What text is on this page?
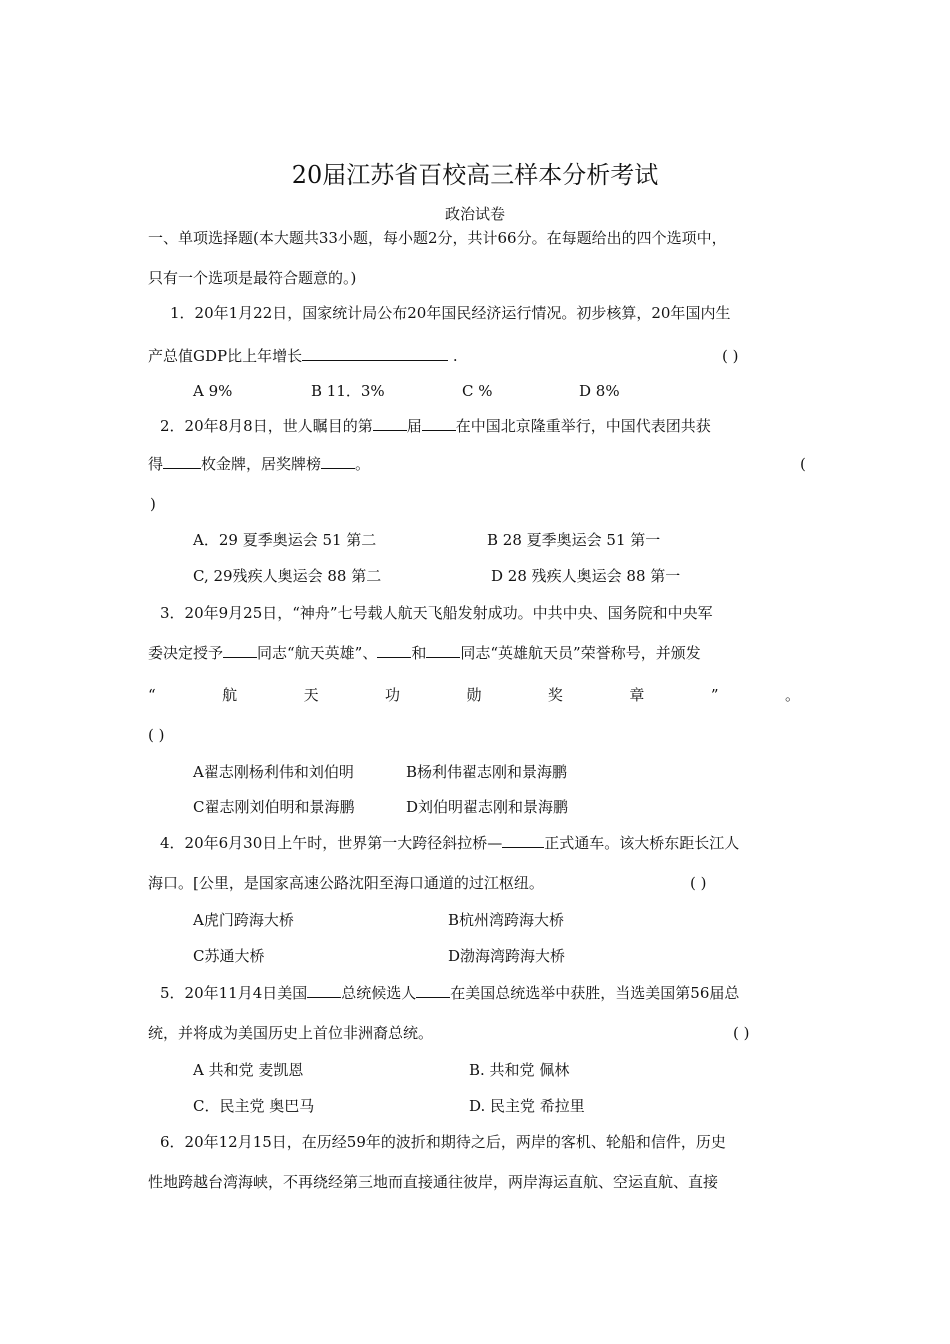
20届江苏省百校高三样本分析考试
政治试卷
一、单项选择题(本大题共33小题，每小题2分，共计66分。在每题给出的四个选项中，
只有一个选项是最符合题意的。)
1．20年1月22日，国家统计局公布20年国民经济运行情况。初步核算，20年国内生
产总值GDP比上年增长	.	( )
A 9%	B 11．3%	C %	D 8%
2．20年8月8日，世人瞩目的第 届 在中国北京隆重举行，中国代表团共获
得	枚金牌，居奖牌榜 。	(
)
A．29 夏季奥运会 51 第二	B 28 夏季奥运会 51 第一
C, 29残疾人奥运会 88 第二	D 28 残疾人奥运会 88 第一
3．20年9月25日，“神舟”七号载人航天飞船发射成功。中共中央、国务院和中央军
委决定授予 同志“航天英雄”、 和 同志“英雄航天员”荣誉称号，并颁发
“	航	天	功	勋	奖	章	”	。
( )
A翟志刚杨利伟和刘伯明	B杨利伟翟志刚和景海鹏
C翟志刚刘伯明和景海鹏	D刘伯明翟志刚和景海鹏
4．20年6月30日上午时，世界第一大跨径斜拉桥—	正式通车。该大桥东距长江人
海口。[公里，是国家高速公路沈阳至海口通道的过江枢纽。	( )
A虎门跨海大桥	B杭州湾跨海大桥
C苏通大桥	D渤海湾跨海大桥
5．20年11月4日美国 总统候选人 在美国总统选举中获胜，当选美国第56届总
统，并将成为美国历史上首位非洲裔总统。	( )
A 共和党 麦凯恩	B. 共和党 佩林
C．民主党 奥巴马	D. 民主党 希拉里
6．20年12月15日，在历经59年的波折和期待之后，两岸的客机、轮船和信件，历史
性地跨越台湾海峡，不再绕经第三地而直接通往彼岸，两岸海运直航、空运直航、直接
